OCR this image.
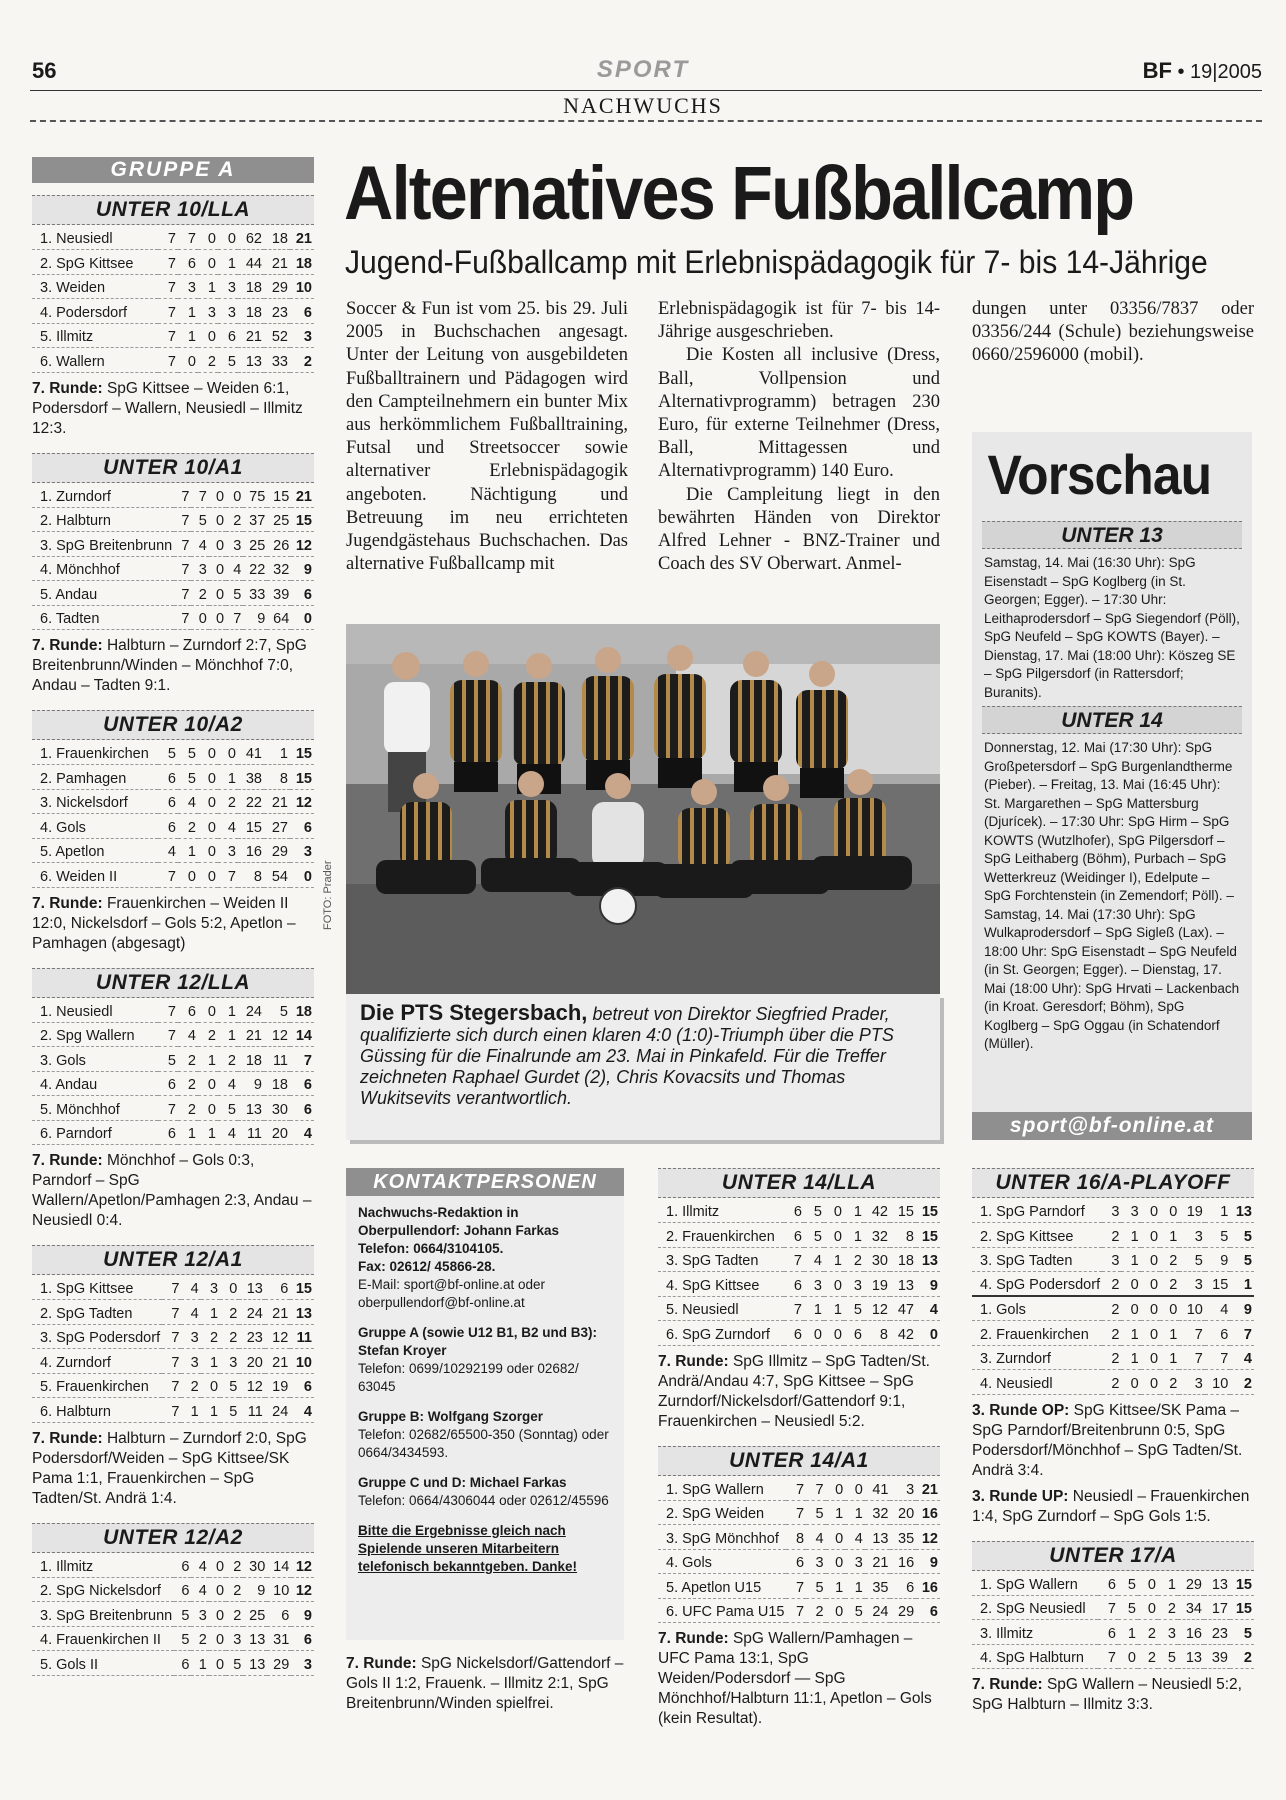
56	SPORT	BF • 19|2005
NACHWUCHS
GRUPPE A
UNTER 10/LLA
1. Neusiedl	7	7	0	0	62	18	21
2. SpG Kittsee	7	6	0	1	44	21	18
3. Weiden	7	3	1	3	18	29	10
4. Podersdorf	7	1	3	3	18	23	6
5. Illmitz	7	1	0	6	21	52	3
6. Wallern	7	0	2	5	13	33	2
7. Runde: SpG Kittsee – Weiden 6:1, Podersdorf – Wallern, Neusiedl – Illmitz 12:3.
UNTER 10/A1
1. Zurndorf	7	7	0	0	75	15	21
2. Halbturn	7	5	0	2	37	25	15
3. SpG Breitenbrunn	7	4	0	3	25	26	12
4. Mönchhof	7	3	0	4	22	32	9
5. Andau	7	2	0	5	33	39	6
6. Tadten	7	0	0	7	9	64	0
7. Runde: Halbturn – Zurndorf 2:7, SpG Breitenbrunn/Winden – Mönchhof 7:0, Andau – Tadten 9:1.
UNTER 10/A2
1. Frauenkirchen	5	5	0	0	41	1	15
2. Pamhagen	6	5	0	1	38	8	15
3. Nickelsdorf	6	4	0	2	22	21	12
4. Gols	6	2	0	4	15	27	6
5. Apetlon	4	1	0	3	16	29	3
6. Weiden II	7	0	0	7	8	54	0
7. Runde: Frauenkirchen – Weiden II 12:0, Nickelsdorf – Gols 5:2, Apetlon – Pamhagen (abgesagt)
UNTER 12/LLA
1. Neusiedl	7	6	0	1	24	5	18
2. Spg Wallern	7	4	2	1	21	12	14
3. Gols	5	2	1	2	18	11	7
4. Andau	6	2	0	4	9	18	6
5. Mönchhof	7	2	0	5	13	30	6
6. Parndorf	6	1	1	4	11	20	4
7. Runde: Mönchhof – Gols 0:3, Parndorf – SpG Wallern/Apetlon/Pamhagen 2:3, Andau – Neusiedl 0:4.
UNTER 12/A1
1. SpG Kittsee	7	4	3	0	13	6	15
2. SpG Tadten	7	4	1	2	24	21	13
3. SpG Podersdorf	7	3	2	2	23	12	11
4. Zurndorf	7	3	1	3	20	21	10
5. Frauenkirchen	7	2	0	5	12	19	6
6. Halbturn	7	1	1	5	11	24	4
7. Runde: Halbturn – Zurndorf 2:0, SpG Podersdorf/Weiden – SpG Kittsee/SK Pama 1:1, Frauenkirchen – SpG Tadten/St. Andrä 1:4.
UNTER 12/A2
1. Illmitz	6	4	0	2	30	14	12
2. SpG Nickelsdorf	6	4	0	2	9	10	12
3. SpG Breitenbrunn	5	3	0	2	25	6	9
4. Frauenkirchen II	5	2	0	3	13	31	6
5. Gols II	6	1	0	5	13	29	3
Alternatives Fußballcamp
Jugend-Fußballcamp mit Erlebnispädagogik für 7- bis 14-Jährige

Soccer & Fun ist vom 25. bis 29. Juli 2005 in Buchschachen angesagt. Unter der Leitung von ausgebildeten Fußballtrainern und Pädagogen wird den Campteilnehmern ein bunter Mix aus herkömmlichem Fußballtraining, Futsal und Streetsoccer sowie alternativer Erlebnispädagogik angeboten. Nächtigung und Betreuung im neu errichteten Jugendgästehaus Buchschachen. Das alternative Fußballcamp mit

Erlebnispädagogik ist für 7- bis 14-Jährige ausgeschrieben.

Die Kosten all inclusive (Dress, Ball, Vollpension und Alternativprogramm) betragen 230 Euro, für externe Teilnehmer (Dress, Ball, Mittagessen und Alternativprogramm) 140 Euro.

Die Campleitung liegt in den bewährten Händen von Direktor Alfred Lehner - BNZ-Trainer und Coach des SV Oberwart. Anmel-

dungen unter 03356/7837 oder 03356/244 (Schule) beziehungsweise 0660/2596000 (mobil).

FOTO: Prader
Die PTS Stegersbach, betreut von Direktor Siegfried Prader, qualifizierte sich durch einen klaren 4:0 (1:0)-Triumph über die PTS Güssing für die Finalrunde am 23. Mai in Pinkafeld. Für die Treffer zeichneten Raphael Gurdet (2), Chris Kovacsits und Thomas Wukitsevits verantwortlich.
Vorschau
UNTER 13
Samstag, 14. Mai (16:30 Uhr): SpG Eisenstadt – SpG Koglberg (in St. Georgen; Egger). – 17:30 Uhr: Leithaprodersdorf – SpG Siegendorf (Pöll), SpG Neufeld – SpG KOWTS (Bayer). – Dienstag, 17. Mai (18:00 Uhr): Köszeg SE – SpG Pilgersdorf (in Rattersdorf; Buranits).
UNTER 14
Donnerstag, 12. Mai (17:30 Uhr): SpG Großpetersdorf – SpG Burgenlandtherme (Pieber). – Freitag, 13. Mai (16:45 Uhr): St. Margarethen – SpG Mattersburg (Djurícek). – 17:30 Uhr: SpG Hirm – SpG KOWTS (Wutzlhofer), SpG Pilgersdorf – SpG Leithaberg (Böhm), Purbach – SpG Wetterkreuz (Weidinger I), Edelpute – SpG Forchtenstein (in Zemendorf; Pöll). – Samstag, 14. Mai (17:30 Uhr): SpG Wulkaprodersdorf – SpG Sigleß (Lax). – 18:00 Uhr: SpG Eisenstadt – SpG Neufeld (in St. Georgen; Egger). – Dienstag, 17. Mai (18:00 Uhr): SpG Hrvati – Lackenbach (in Kroat. Geresdorf; Böhm), SpG Koglberg – SpG Oggau (in Schatendorf (Müller).
sport@bf-online.at
KONTAKTPERSONEN

Nachwuchs-Redaktion in Oberpullendorf: Johann Farkas
Telefon: 0664/3104105.
Fax: 02612/ 45866-28.
E-Mail: sport@bf-online.at oder oberpullendorf@bf-online.at

Gruppe A (sowie U12 B1, B2 und B3): Stefan Kroyer
Telefon: 0699/10292199 oder 02682/ 63045

Gruppe B: Wolfgang Szorger
Telefon: 02682/65500-350 (Sonntag) oder 0664/3434593.

Gruppe C und D: Michael Farkas
Telefon: 0664/4306044 oder 02612/45596

Bitte die Ergebnisse gleich nach Spielende unseren Mitarbeitern telefonisch bekanntgeben. Danke!

7. Runde: SpG Nickelsdorf/Gattendorf – Gols II 1:2, Frauenk. – Illmitz 2:1, SpG Breitenbrunn/Winden spielfrei.
UNTER 14/LLA
1. Illmitz	6	5	0	1	42	15	15
2. Frauenkirchen	6	5	0	1	32	8	15
3. SpG Tadten	7	4	1	2	30	18	13
4. SpG Kittsee	6	3	0	3	19	13	9
5. Neusiedl	7	1	1	5	12	47	4
6. SpG Zurndorf	6	0	0	6	8	42	0
7. Runde: SpG Illmitz – SpG Tadten/St. Andrä/Andau 4:7, SpG Kittsee – SpG Zurndorf/Nickelsdorf/Gattendorf 9:1, Frauenkirchen – Neusiedl 5:2.
UNTER 14/A1
1. SpG Wallern	7	7	0	0	41	3	21
2. SpG Weiden	7	5	1	1	32	20	16
3. SpG Mönchhof	8	4	0	4	13	35	12
4. Gols	6	3	0	3	21	16	9
5. Apetlon U15	7	5	1	1	35	6	16
6. UFC Pama U15	7	2	0	5	24	29	6
7. Runde: SpG Wallern/Pamhagen – UFC Pama 13:1, SpG Weiden/Podersdorf — SpG Mönchhof/Halbturn 11:1, Apetlon – Gols (kein Resultat).
UNTER 16/A-PLAYOFF
1. SpG Parndorf	3	3	0	0	19	1	13
2. SpG Kittsee	2	1	0	1	3	5	5
3. SpG Tadten	3	1	0	2	5	9	5
4. SpG Podersdorf	2	0	0	2	3	15	1
1. Gols	2	0	0	0	10	4	9
2. Frauenkirchen	2	1	0	1	7	6	7
3. Zurndorf	2	1	0	1	7	7	4
4. Neusiedl	2	0	0	2	3	10	2
3. Runde OP: SpG Kittsee/SK Pama – SpG Parndorf/Breitenbrunn 0:5, SpG Podersdorf/Mönchhof – SpG Tadten/St. Andrä 3:4.
3. Runde UP: Neusiedl – Frauenkirchen 1:4, SpG Zurndorf – SpG Gols 1:5.
UNTER 17/A
1. SpG Wallern	6	5	0	1	29	13	15
2. SpG Neusiedl	7	5	0	2	34	17	15
3. Illmitz	6	1	2	3	16	23	5
4. SpG Halbturn	7	0	2	5	13	39	2
7. Runde: SpG Wallern – Neusiedl 5:2, SpG Halbturn – Illmitz 3:3.
